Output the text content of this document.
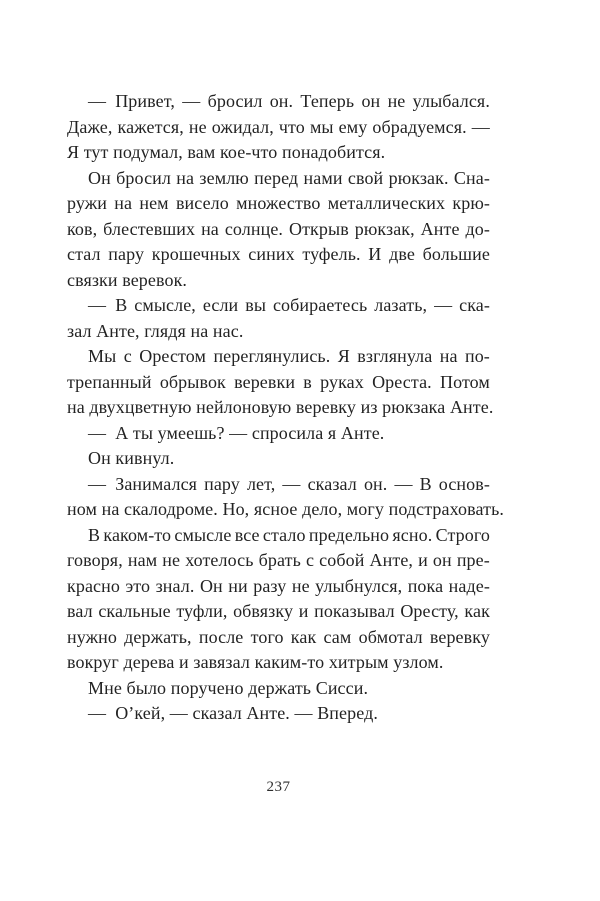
— Привет, — бросил он. Теперь он не улыбался.
Даже, кажется, не ожидал, что мы ему обрадуемся. —
Я тут подумал, вам кое-что понадобится.
Он бросил на землю перед нами свой рюкзак. Сна-
ружи на нем висело множество металлических крю-
ков, блестевших на солнце. Открыв рюкзак, Анте до-
стал пару крошечных синих туфель. И две большие
связки веревок.
— В смысле, если вы собираетесь лазать, — ска-
зал Анте, глядя на нас.
Мы с Орестом переглянулись. Я взглянула на по-
трепанный обрывок веревки в руках Ореста. Потом
на двухцветную нейлоновую веревку из рюкзака Анте.
— А ты умеешь? — спросила я Анте.
Он кивнул.
— Занимался пару лет, — сказал он. — В основ-
ном на скалодроме. Но, ясное дело, могу подстраховать.
В каком-то смысле все стало предельно ясно. Строго
говоря, нам не хотелось брать с собой Анте, и он пре-
красно это знал. Он ни разу не улыбнулся, пока наде-
вал скальные туфли, обвязку и показывал Оресту, как
нужно держать, после того как сам обмотал веревку
вокруг дерева и завязал каким-то хитрым узлом.
Мне было поручено держать Сисси.
— О’кей, — сказал Анте. — Вперед.
237
